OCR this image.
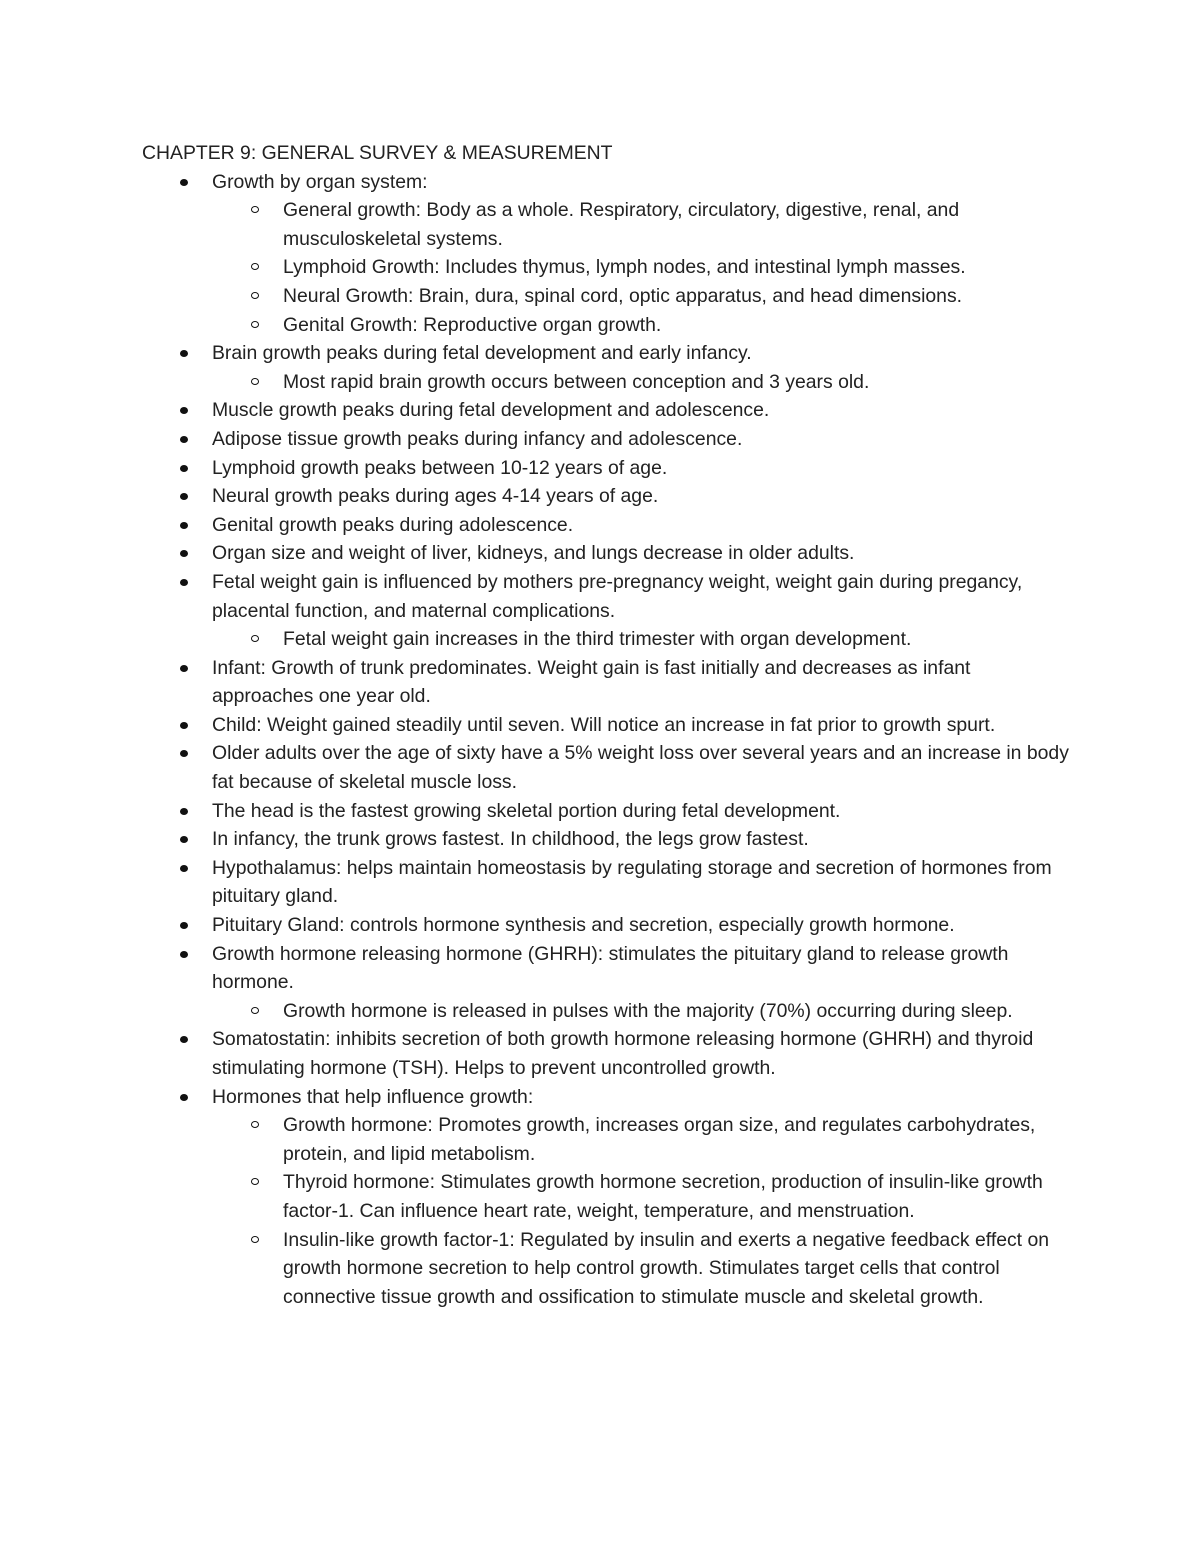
CHAPTER 9: GENERAL SURVEY & MEASUREMENT
Growth by organ system:
General growth: Body as a whole. Respiratory, circulatory, digestive, renal, and musculoskeletal systems.
Lymphoid Growth: Includes thymus, lymph nodes, and intestinal lymph masses.
Neural Growth: Brain, dura, spinal cord, optic apparatus, and head dimensions.
Genital Growth: Reproductive organ growth.
Brain growth peaks during fetal development and early infancy.
Most rapid brain growth occurs between conception and 3 years old.
Muscle growth peaks during fetal development and adolescence.
Adipose tissue growth peaks during infancy and adolescence.
Lymphoid growth peaks between 10-12 years of age.
Neural growth peaks during ages 4-14 years of age.
Genital growth peaks during adolescence.
Organ size and weight of liver, kidneys, and lungs decrease in older adults.
Fetal weight gain is influenced by mothers pre-pregnancy weight, weight gain during pregancy, placental function, and maternal complications.
Fetal weight gain increases in the third trimester with organ development.
Infant: Growth of trunk predominates. Weight gain is fast initially and decreases as infant approaches one year old.
Child: Weight gained steadily until seven. Will notice an increase in fat prior to growth spurt.
Older adults over the age of sixty have a 5% weight loss over several years and an increase in body fat because of skeletal muscle loss.
The head is the fastest growing skeletal portion during fetal development.
In infancy, the trunk grows fastest. In childhood, the legs grow fastest.
Hypothalamus: helps maintain homeostasis by regulating storage and secretion of hormones from pituitary gland.
Pituitary Gland: controls hormone synthesis and secretion, especially growth hormone.
Growth hormone releasing hormone (GHRH): stimulates the pituitary gland to release growth hormone.
Growth hormone is released in pulses with the majority (70%) occurring during sleep.
Somatostatin: inhibits secretion of both growth hormone releasing hormone (GHRH) and thyroid stimulating hormone (TSH). Helps to prevent uncontrolled growth.
Hormones that help influence growth:
Growth hormone: Promotes growth, increases organ size, and regulates carbohydrates, protein, and lipid metabolism.
Thyroid hormone: Stimulates growth hormone secretion, production of insulin-like growth factor-1. Can influence heart rate, weight, temperature, and menstruation.
Insulin-like growth factor-1: Regulated by insulin and exerts a negative feedback effect on growth hormone secretion to help control growth. Stimulates target cells that control connective tissue growth and ossification to stimulate muscle and skeletal growth.
